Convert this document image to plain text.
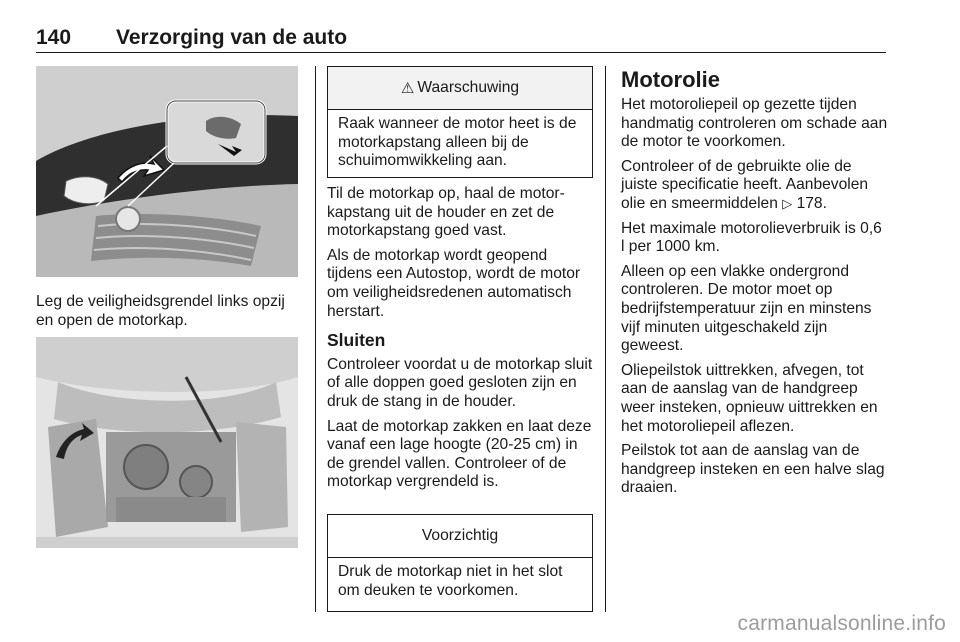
140 Verzorging van de auto

Leg de veiligheidsgrendel links opzij en open de motorkap.

⚠ Waarschuwing
Raak wanneer de motor heet is de motorkapstang alleen bij de schuimomwikkeling aan.

Til de motorkap op, haal de motorkapstang uit de houder en zet de motorkapstang goed vast.

Als de motorkap wordt geopend tijdens een Autostop, wordt de motor om veiligheidsredenen automatisch herstart.

Sluiten

Controleer voordat u de motorkap sluit of alle doppen goed gesloten zijn en druk de stang in de houder.

Laat de motorkap zakken en laat deze vanaf een lage hoogte (20-25 cm) in de grendel vallen. Controleer of de motorkap vergrendeld is.

Voorzichtig
Druk de motorkap niet in het slot om deuken te voorkomen.
Motorolie

Het motoroliepeil op gezette tijden handmatig controleren om schade aan de motor te voorkomen.

Controleer of de gebruikte olie de juiste specificatie heeft. Aanbevolen olie en smeermiddelen ▷ 178.

Het maximale motorolieverbruik is 0,6 l per 1000 km.

Alleen op een vlakke ondergrond controleren. De motor moet op bedrijfstemperatuur zijn en minstens vijf minuten uitgeschakeld zijn geweest.

Oliepeilstok uittrekken, afvegen, tot aan de aanslag van de handgreep weer insteken, opnieuw uittrekken en het motoroliepeil aflezen.

Peilstok tot aan de aanslag van de handgreep insteken en een halve slag draaien.

carmanualsonline.info
